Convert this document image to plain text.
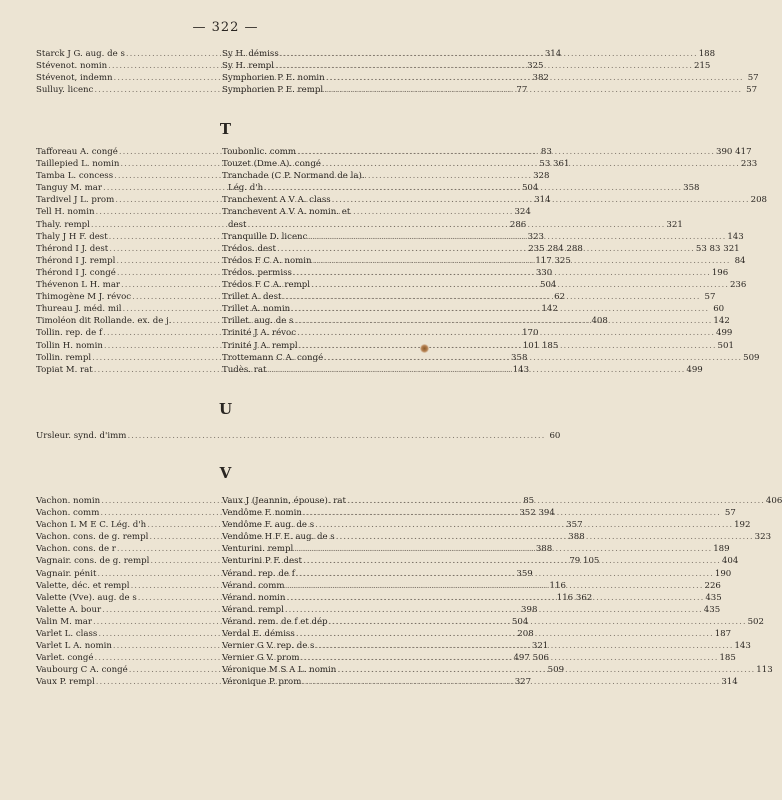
— 322 —
Starck J G. aug. de s .....	314
Stévenot. nomin .....	325
Stévenot, indemn .....	382
Sulluy. licenc .....	77
Sy H. démiss .....	188
Sy H. rempl .....	215
Symphorien P E. nomin .....	57
Symphorien P E. rempl .....	57
T
Tafforeau A. congé .....	83
Taillepied L. nomin .....	53 361
Tamba L. concess .....	328
Tanguy M. mar .....	504
Tardivel J L. prom .....	314
Tell H. nomin .....	324
Thaly. rempl .....	286
Thaly J H F. dest .....	323
Thérond I J. dest .....	235 284 288
Thérond I J. rempl .....	117 325
Thérond I J. congé .....	330
Thévenon L H. mar .....	504
Thimogène M J. révoc .....	62
Thureau J. méd. mil .....	142
Timoléon dit Rollande. ex. de j. .....	408
Tollin. rep. de f .....	170
Tollin H. nomin .....	101 185
Tollin. rempl .....	358
Topiat M. rat .....	143
Toubonlic. comm .....	390 417
Touzet (Dme A). congé .....	233
Tranchade (C P. Normand de la).
Lég. d'h .....	358
Tranchevent A V A. class .....	208
Tranchevent A V A. nomin. et
dest .....	321
Tranquille D. licenc .....	143
Trédos. dest .....	53 83 321
Trédos F C A. nomin .....	84
Trédos. permiss .....	196
Trédos F C A. rempl .....	236
Trillet A. dest .....	57
Trillet A. nomin .....	60
Trillet. aug. de s .....	142
Trinité J A. révoc .....	499
Trinité J A. rempl .....	501
Trottemann C A. congé .....	509
Tudès. rat .....	499
U
Ursleur. synd. d'imm .....	60
V
Vachon. nomin .....	85
Vachon. comm .....	352 394
Vachon L M E C. Lég. d'h .....	357
Vachon. cons. de g. rempl .....	388
Vachon. cons. de r .....	388
Vagnair. cons. de g. rempl .....	79 105
Vagnair. pénit .....	359
Valette, déc. et rempl .....	116
Valette (Vve). aug. de s .....	116 362
Valette A. bour .....	398
Valin M. mar .....	504
Varlet L. class .....	208
Varlet L A. nomin .....	321
Varlet. congé .....	497 506
Vaubourg C A. congé .....	509
Vaux P. rempl .....	327
Vaux J (Jeannin, épouse). rat .....	406
Vendôme F. nomin .....	57
Vendôme F. aug. de s .....	192
Vendôme H F E. aug. de s .....	323
Venturini. rempl .....	189
Venturini P F. dest .....	404
Vérand. rep. de f .....	190
Vérand. comm .....	226
Vérand. nomin .....	435
Vérand. rempl .....	435
Vérand. rem. de f et dép .....	502
Verdal E. démiss .....	187
Vernier G V. rep. de s .....	143
Vernier G V. prom .....	185
Véronique M S A L. nomin .....	113
Véronique P. prom .....	314
